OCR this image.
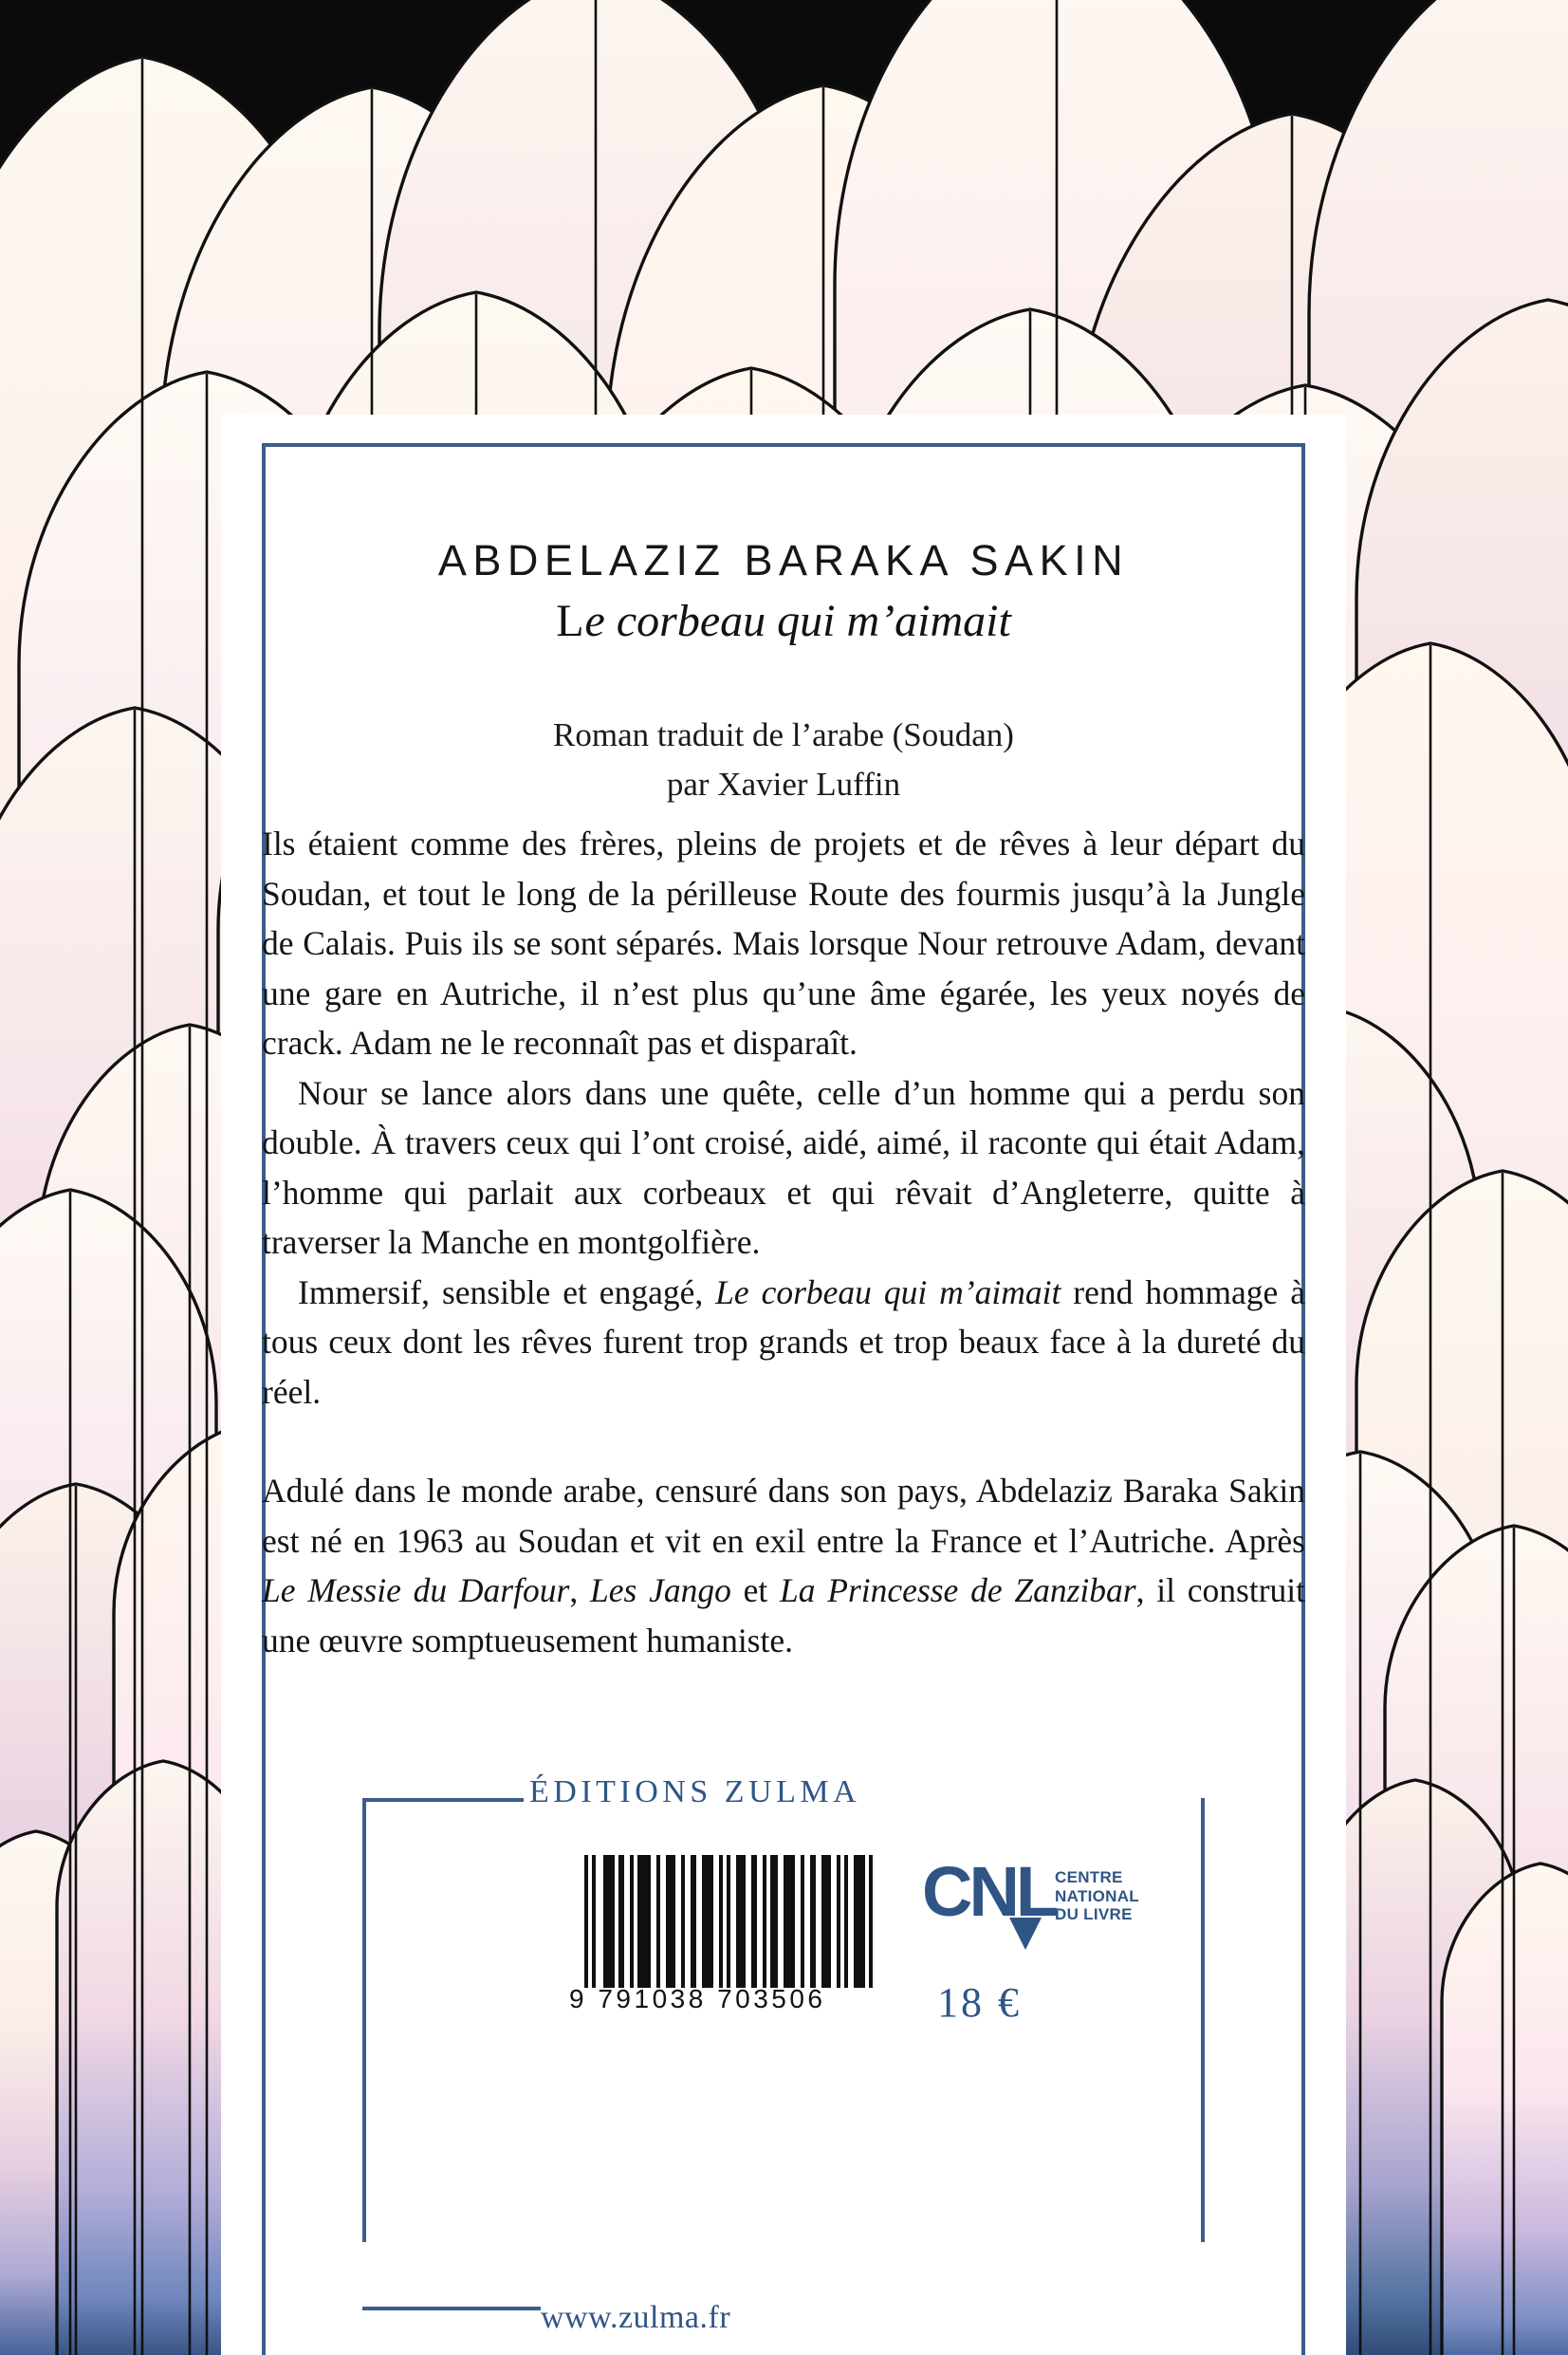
ABDELAZIZ BARAKA SAKIN
Le corbeau qui m’aimait
Roman traduit de l’arabe (Soudan)
par Xavier Luffin

Ils étaient comme des frères, pleins de projets et de rêves à leur départ du Soudan, et tout le long de la périlleuse Route des fourmis jusqu’à la Jungle de Calais. Puis ils se sont séparés. Mais lorsque Nour retrouve Adam, devant une gare en Autriche, il n’est plus qu’une âme égarée, les yeux noyés de crack. Adam ne le reconnaît pas et disparaît.

Nour se lance alors dans une quête, celle d’un homme qui a perdu son double. À travers ceux qui l’ont croisé, aidé, aimé, il raconte qui était Adam, l’homme qui parlait aux corbeaux et qui rêvait d’Angleterre, quitte à traverser la Manche en montgolfière.

Immersif, sensible et engagé, Le corbeau qui m’aimait rend hommage à tous ceux dont les rêves furent trop grands et trop beaux face à la dureté du réel.

Adulé dans le monde arabe, censuré dans son pays, Abdelaziz Baraka Sakin est né en 1963 au Soudan et vit en exil entre la France et l’Autriche. Après Le Messie du Darfour, Les Jango et La Princesse de Zanzibar, il construit une œuvre somptueusement humaniste.

ÉDITIONS ZULMA
www.zulma.fr
9 791038 703506
CNL CENTRE
NATIONAL
DU LIVRE
18 €
